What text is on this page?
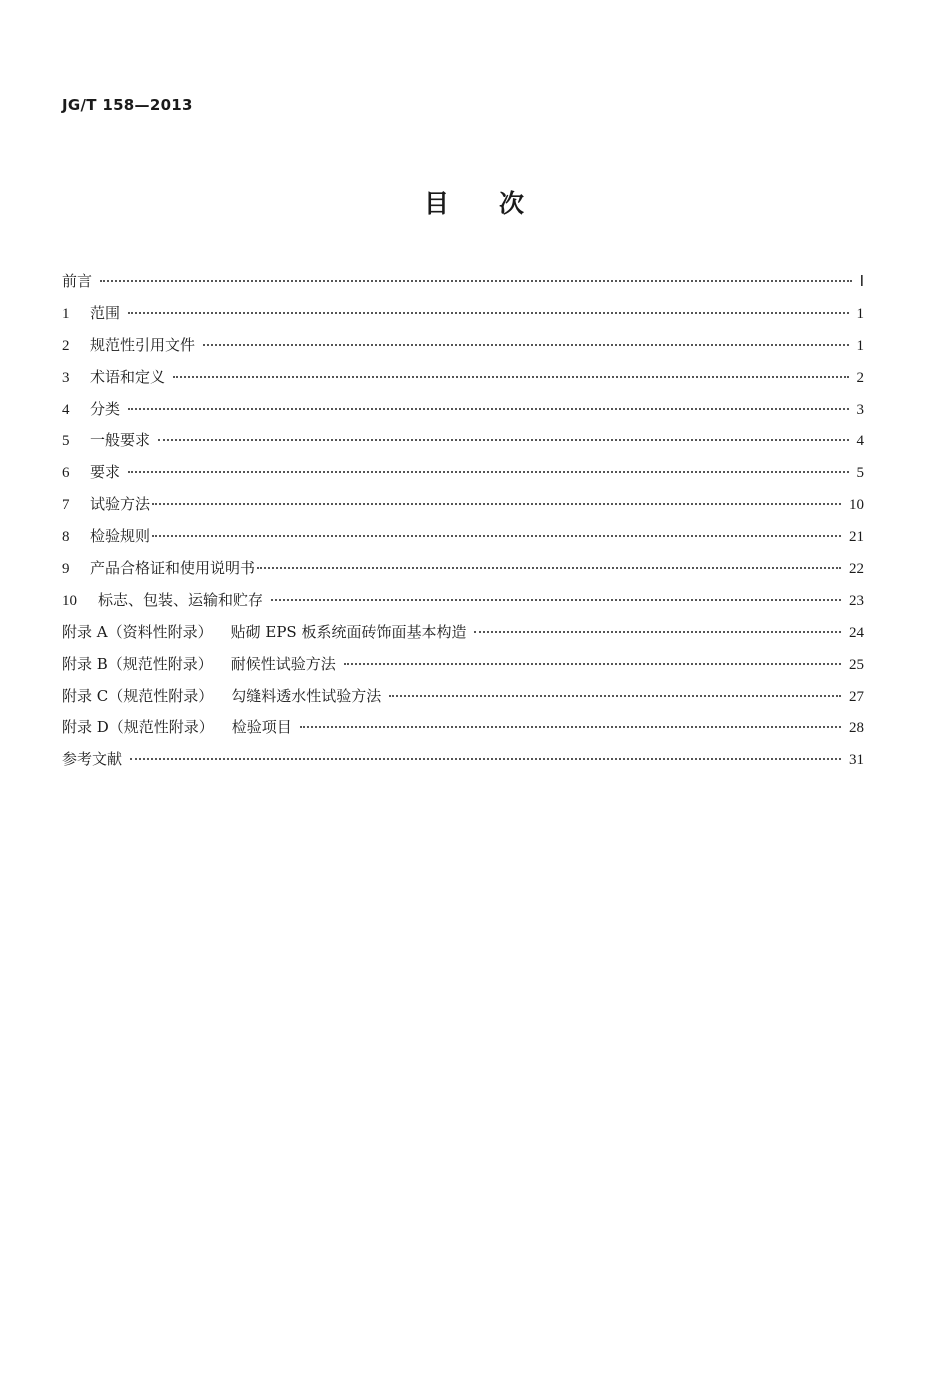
JG/T 158—2013
目 次
前言	Ⅰ
1	范围	1
2	规范性引用文件	1
3	术语和定义	2
4	分类	3
5	一般要求	4
6	要求	5
7	试验方法	10
8	检验规则	21
9	产品合格证和使用说明书	22
10	标志、包装、运输和贮存	23
附录 A（资料性附录） 贴砌 EPS 板系统面砖饰面基本构造	24
附录 B（规范性附录） 耐候性试验方法	25
附录 C（规范性附录） 勾缝料透水性试验方法	27
附录 D（规范性附录） 检验项目	28
参考文献	31
